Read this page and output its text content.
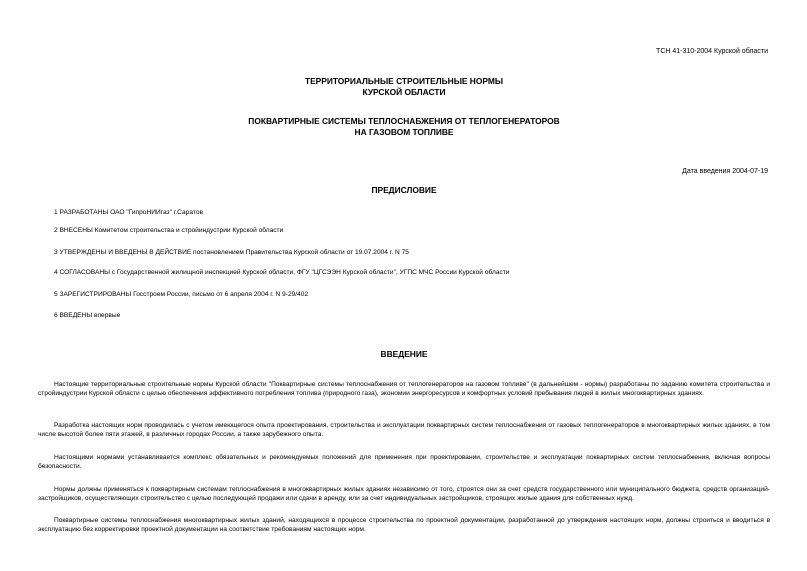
ТСН 41-310-2004 Курской области
ТЕРРИТОРИАЛЬНЫЕ СТРОИТЕЛЬНЫЕ НОРМЫ
КУРСКОЙ ОБЛАСТИ
ПОКВАРТИРНЫЕ СИСТЕМЫ ТЕПЛОСНАБЖЕНИЯ ОТ ТЕПЛОГЕНЕРАТОРОВ
НА ГАЗОВОМ ТОПЛИВЕ
Дата введения 2004-07-19
ПРЕДИСЛОВИЕ
1 РАЗРАБОТАНЫ ОАО "ГипроНИИгаз" г.Саратов
2 ВНЕСЕНЫ Комитетом строительства и стройиндустрии Курской области
3 УТВЕРЖДЕНЫ И ВВЕДЕНЫ В ДЕЙСТВИЕ постановлением Правительства Курской области от 19.07.2004 г. N 75
4 СОГЛАСОВАНЫ с Государственной жилищной инспекцией Курской области, ФГУ "ЦГСЭЭН Курской области", УГПС МЧС России Курской области
5 ЗАРЕГИСТРИРОВАНЫ Госстроем России, письмо от 6 апреля 2004 г. N 9-29/402
6 ВВЕДЕНЫ впервые
ВВЕДЕНИЕ
Настоящие территориальные строительные нормы Курской области "Поквартирные системы теплоснабжения от теплогенераторов на газовом топливе" (в дальнейшем - нормы) разработаны по заданию комитета строительства и стройиндустрии Курской области с целью обеспечения эффективного потребления топлива (природного газа), экономии энергоресурсов и комфортных условий пребывания людей в жилых многоквартирных зданиях.
Разработка настоящих норм проводилась с учетом имеющегося опыта проектирования, строительства и эксплуатации поквартирных систем теплоснабжения от газовых теплогенераторов в многоквартирных жилых зданиях, в том числе высотой более пяти этажей, в различных городах России, а также зарубежного опыта.
Настоящими нормами устанавливается комплекс обязательных и рекомендуемых положений для применения при проектировании, строительстве и эксплуатации поквартирных систем теплоснабжения, включая вопросы безопасности.
Нормы должны применяться к поквартирным системам теплоснабжения в многоквартирных жилых зданиях независимо от того, строятся они за счет средств государственного или муниципального бюджета, средств организаций-застройщиков, осуществляющих строительство с целью последующей продажи или сдачи в аренду, или за счет индивидуальных застройщиков, строящих жилые здания для собственных нужд.
Поквартирные системы теплоснабжения многоквартирных жилых зданий, находящихся в процессе строительства по проектной документации, разработанной до утверждения настоящих норм, должны строиться и вводиться в эксплуатацию без корректировки проектной документации на соответствие требованиям настоящих норм.
